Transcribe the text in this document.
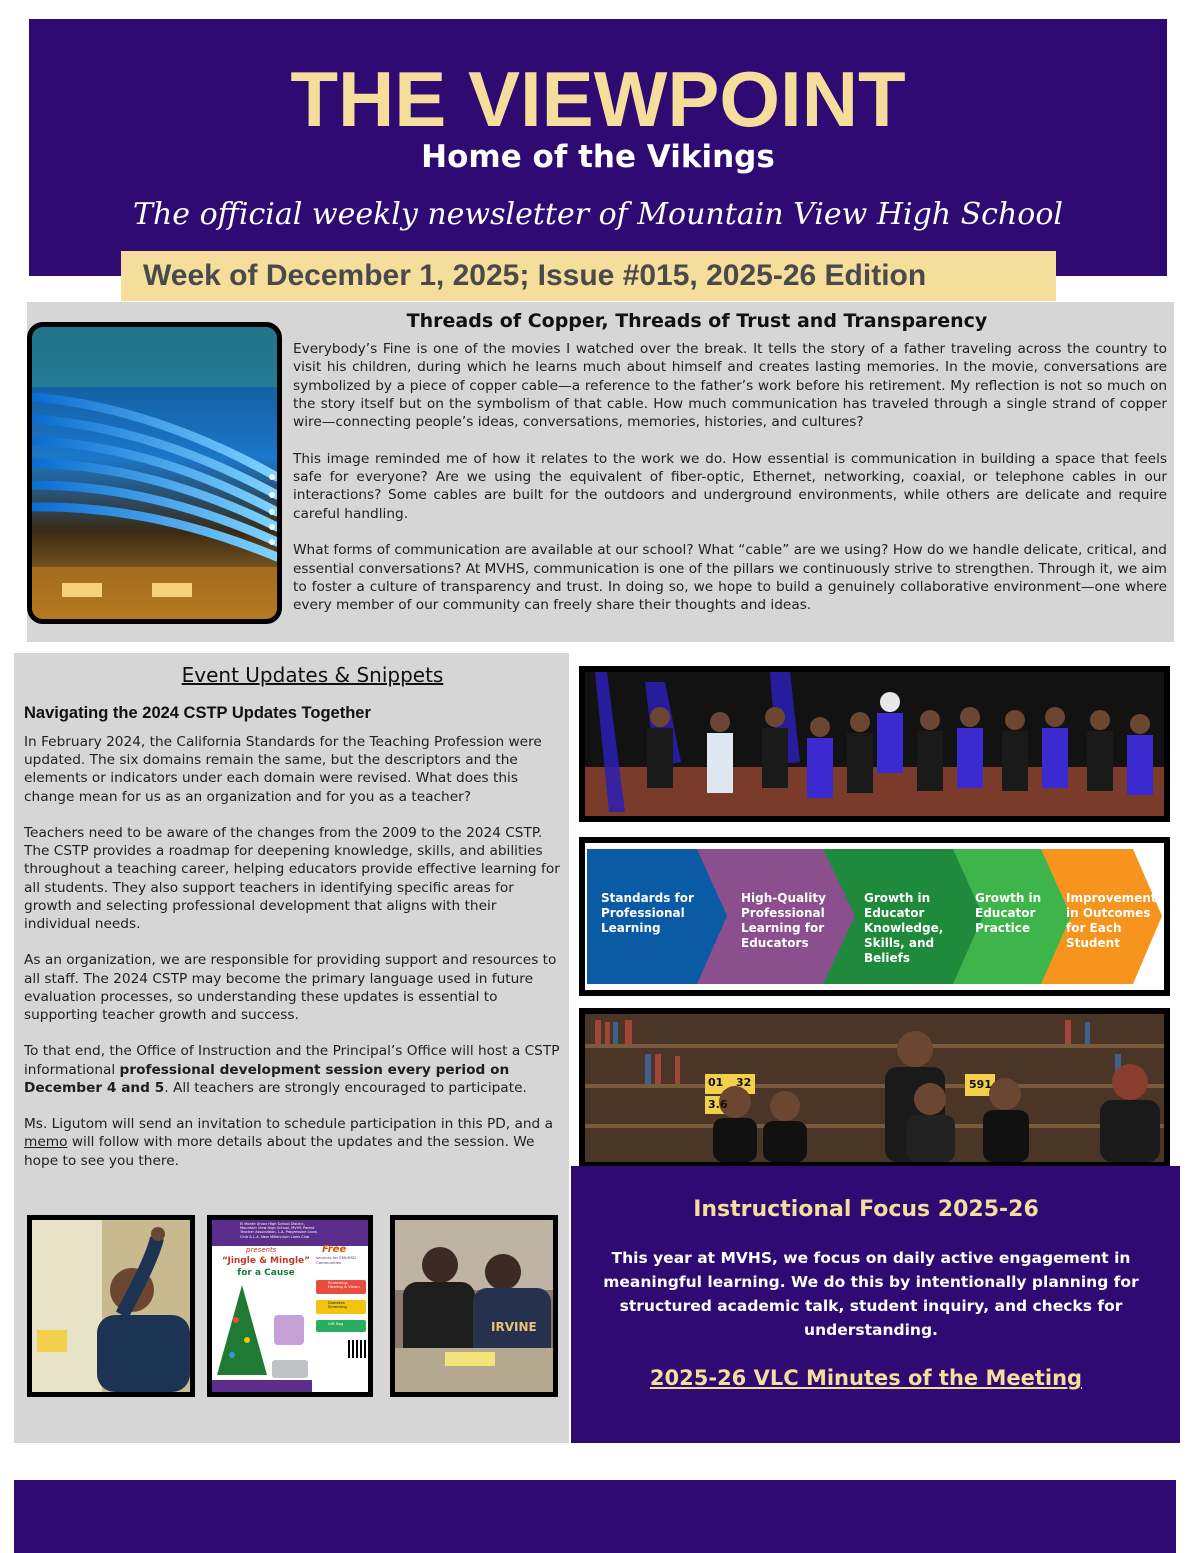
THE VIEWPOINT
Home of the Vikings
The official weekly newsletter of Mountain View High School
Week of December 1, 2025; Issue #015, 2025-26 Edition
Threads of Copper, Threads of Trust and Transparency

Everybody’s Fine is one of the movies I watched over the break. It tells the story of a father traveling across the country to visit his children, during which he learns much about himself and creates lasting memories. In the movie, conversations are symbolized by a piece of copper cable—a reference to the father’s work before his retirement. My reflection is not so much on the story itself but on the symbolism of that cable. How much communication has traveled through a single strand of copper wire—connecting people’s ideas, conversations, memories, histories, and cultures?

This image reminded me of how it relates to the work we do. How essential is communication in building a space that feels safe for everyone? Are we using the equivalent of fiber-optic, Ethernet, networking, coaxial, or telephone cables in our interactions? Some cables are built for the outdoors and underground environments, while others are delicate and require careful handling.

What forms of communication are available at our school? What “cable” are we using? How do we handle delicate, critical, and essential conversations? At MVHS, communication is one of the pillars we continuously strive to strengthen. Through it, we aim to foster a culture of transparency and trust. In doing so, we hope to build a genuinely collaborative environment—one where every member of our community can freely share their thoughts and ideas.

Event Updates & Snippets
Navigating the 2024 CSTP Updates Together

In February 2024, the California Standards for the Teaching Profession were updated. The six domains remain the same, but the descriptors and the elements or indicators under each domain were revised. What does this change mean for us as an organization and for you as a teacher?

Teachers need to be aware of the changes from the 2009 to the 2024 CSTP. The CSTP provides a roadmap for deepening knowledge, skills, and abilities throughout a teaching career, helping educators provide effective learning for all students. They also support teachers in identifying specific areas for growth and selecting professional development that aligns with their individual needs.

As an organization, we are responsible for providing support and resources to all staff. The 2024 CSTP may become the primary language used in future evaluation processes, so understanding these updates is essential to supporting teacher growth and success.

To that end, the Office of Instruction and the Principal’s Office will host a CSTP informational professional development session every period on December 4 and 5. All teachers are strongly encouraged to participate.

Ms. Ligutom will send an invitation to schedule participation in this PD, and a memo will follow with more details about the updates and the session. We hope to see you there.

El Monte Union High School District, Mountain View High School, MVHS Parent Teacher Association, L.A. Progressive Lions Club & L.A. New Millennium Lions Club
presents
“Jingle & Mingle”
for a Cause
Free
services for EMUHSD Communities
Screening: Hearing & Vision
Diabetes Screening
Gift Bag	IRVINE
Standards for Professional Learning
High-Quality Professional Learning for Educators
Growth in Educator Knowledge, Skills, and Beliefs
Growth in Educator Practice
Improvements in Outcomes for Each Student
01 32	591
3.6
Instructional Focus 2025-26
This year at MVHS, we focus on daily active engagement in meaningful learning. We do this by intentionally planning for structured academic talk, student inquiry, and checks for understanding.
2025-26 VLC Minutes of the Meeting
